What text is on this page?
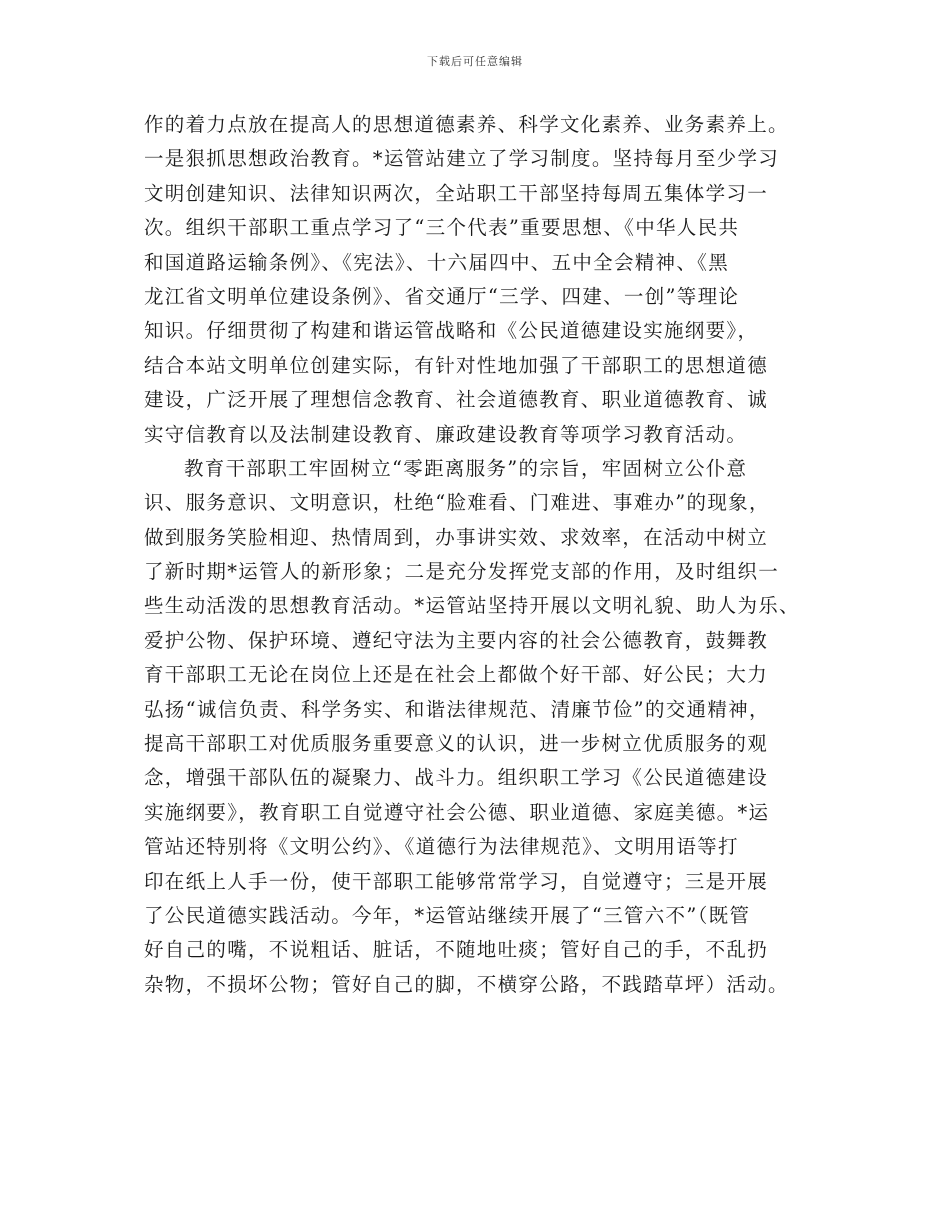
下载后可任意编辑
作的着力点放在提高人的思想道德素养、科学文化素养、业务素养上。
一是狠抓思想政治教育。*运管站建立了学习制度。坚持每月至少学习
文明创建知识、法律知识两次，全站职工干部坚持每周五集体学习一
次。组织干部职工重点学习了“三个代表”重要思想、《中华人民共
和国道路运输条例》、《宪法》、十六届四中、五中全会精神、《黑
龙江省文明单位建设条例》、省交通厅“三学、四建、一创”等理论
知识。仔细贯彻了构建和谐运管战略和《公民道德建设实施纲要》，
结合本站文明单位创建实际，有针对性地加强了干部职工的思想道德
建设，广泛开展了理想信念教育、社会道德教育、职业道德教育、诚
实守信教育以及法制建设教育、廉政建设教育等项学习教育活动。
教育干部职工牢固树立“零距离服务”的宗旨，牢固树立公仆意
识、服务意识、文明意识，杜绝“脸难看、门难进、事难办”的现象，
做到服务笑脸相迎、热情周到，办事讲实效、求效率，在活动中树立
了新时期*运管人的新形象；二是充分发挥党支部的作用，及时组织一
些生动活泼的思想教育活动。*运管站坚持开展以文明礼貌、助人为乐、
爱护公物、保护环境、遵纪守法为主要内容的社会公德教育，鼓舞教
育干部职工无论在岗位上还是在社会上都做个好干部、好公民；大力
弘扬“诚信负责、科学务实、和谐法律规范、清廉节俭”的交通精神，
提高干部职工对优质服务重要意义的认识，进一步树立优质服务的观
念，增强干部队伍的凝聚力、战斗力。组织职工学习《公民道德建设
实施纲要》，教育职工自觉遵守社会公德、职业道德、家庭美德。*运
管站还特别将《文明公约》、《道德行为法律规范》、文明用语等打
印在纸上人手一份，使干部职工能够常常学习，自觉遵守；三是开展
了公民道德实践活动。今年，*运管站继续开展了“三管六不”（既管
好自己的嘴，不说粗话、脏话，不随地吐痰；管好自己的手，不乱扔
杂物，不损坏公物；管好自己的脚，不横穿公路，不践踏草坪）活动。
